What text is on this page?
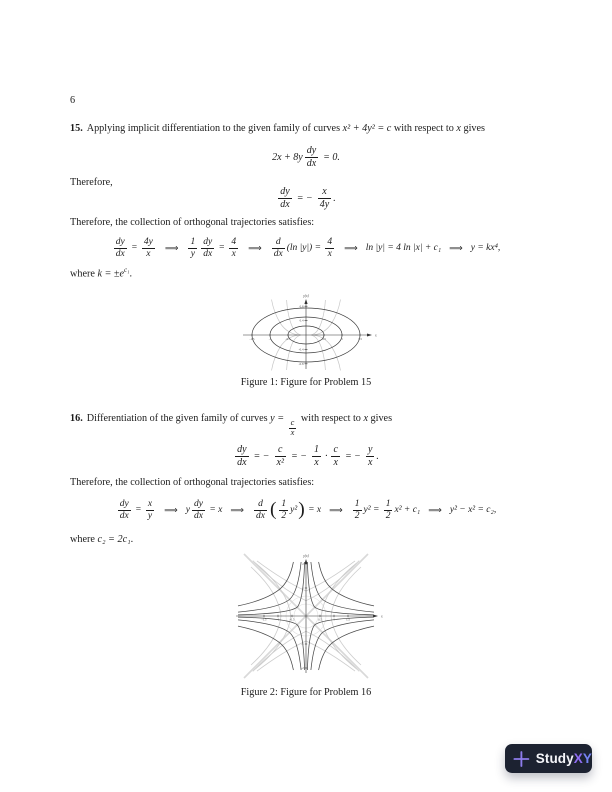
6
15. Applying implicit differentiation to the given family of curves x² + 4y² = c with respect to x gives
$2x + 8y \frac{dy}{dx} = 0$.
Therefore,
$\frac{dy}{dx}$ = − $\frac{x}{4y}$ .
Therefore, the collection of orthogonal trajectories satisfies:
$\frac{dy}{dx} = \frac{4y}{x}$ ⟹ $\frac{1}{y} \frac{dy}{dx} = \frac{4}{x}$ ⟹ $\frac{d}{dx} (\ln$ $|y|) = \frac{4}{x}$ ⟹ ln |y| = 4 ln |x| + c₁ ⟹ y = kx⁴,
where $k = \pm e^{c_1}$.
y(x)
x
-1.5	-1	-0.5	0.5	1	1.5
0.8
0.4
-0.4
-0.8
Figure 1: Figure for Problem 15
16. Differentiation of the given family of curves y =
$\frac{c}{x}$
with respect to x gives
$\frac{dy}{dx}$ = − $\frac{c}{\text{x²}}$ = − $\frac{1}{x} \cdot \frac{c}{x}$ = − $\frac{y}{x}$ .
Therefore, the collection of orthogonal trajectories satisfies:
$\frac{dy}{dx} = \frac{x}{y}$ ⟹ y $\frac{dy}{dx} = x$ ⟹ $\frac{d}{dx}$ ( $\frac{1}{2} y^2$ ) = x ⟹ $\frac{1}{2} y^2 = \frac{1}{2} x^2 + c_1$ ⟹ y² − x² = c₂,
where c₂ = 2c₁.
y(x)
x
-1.5	-1	-0.5	0.5	1	1.5
2
1
-1
-2
Figure 2: Figure for Problem 16
StudyXY
